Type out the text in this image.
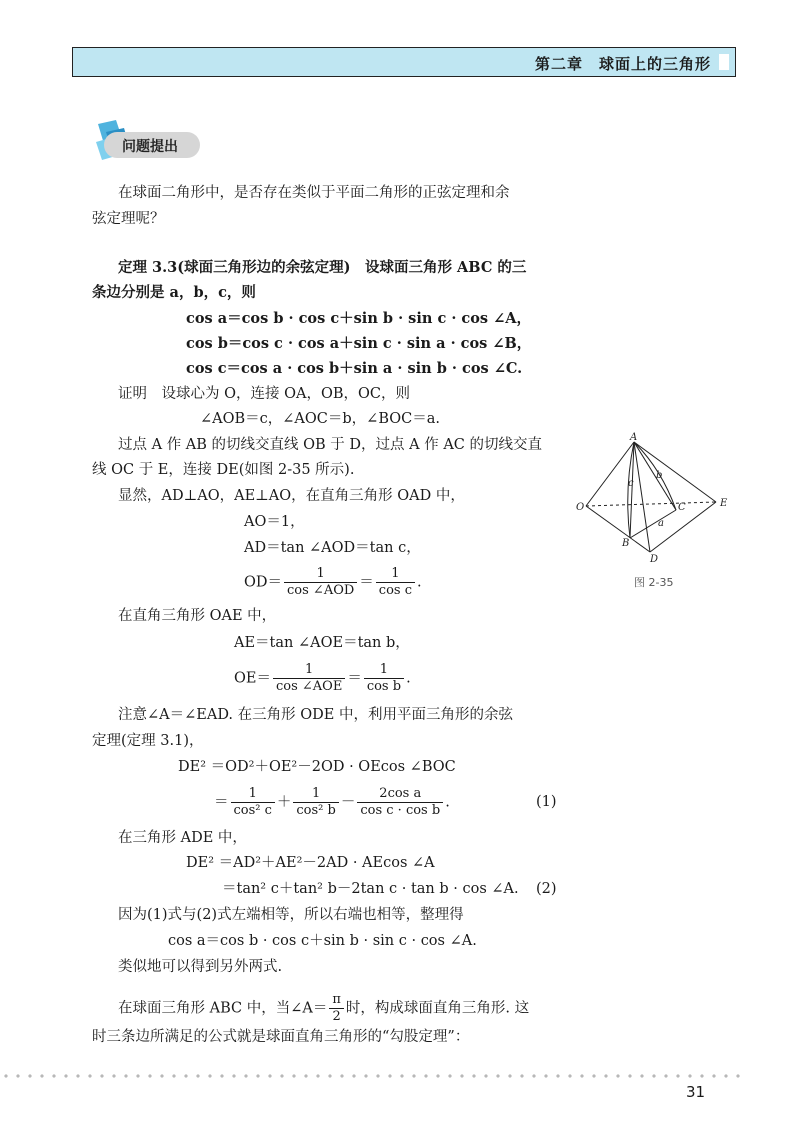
第二章　球面上的三角形
问题提出
在球面二角形中，是否存在类似于平面二角形的正弦定理和余
弦定理呢？
定理 3.3(球面三角形边的余弦定理)　设球面三角形 ABC 的三
条边分别是 a，b，c，则
cos a＝cos b · cos c＋sin b · sin c · cos ∠A，
cos b＝cos c · cos a＋sin c · sin a · cos ∠B，
cos c＝cos a · cos b＋sin a · sin b · cos ∠C.
证明　设球心为 O，连接 OA，OB，OC，则
∠AOB＝c，∠AOC＝b，∠BOC＝a.
过点 A 作 AB 的切线交直线 OB 于 D，过点 A 作 AC 的切线交直
线 OC 于 E，连接 DE(如图 2-35 所示).
显然，AD⊥AO，AE⊥AO，在直角三角形 OAD 中，
AO＝1，
AD＝tan ∠AOD＝tan c，
$OD= \frac{1}{\text{cos ∠AOD}} = \frac{1}{\text{cos c}}$ .
在直角三角形 OAE 中，
AE＝tan ∠AOE＝tan b，
$OE= \frac{1}{\text{cos ∠AOE}} = \frac{1}{\text{cos b}}$ .
注意∠A＝∠EAD. 在三角形 ODE 中，利用平面三角形的余弦
定理(定理 3.1)，
DE² ＝OD²＋OE²－2OD · OEcos ∠BOC
＝ $\frac{1}{\text{cos² c}} + \frac{1}{\text{cos² b}} - \frac{\text{2cos a}}{\text{cos c · cos b}}$ .	(1)
在三角形 ADE 中，
DE² ＝AD²＋AE²－2AD · AEcos ∠A
＝tan² c＋tan² b－2tan c · tan b · cos ∠A. (2)
因为(1)式与(2)式左端相等，所以右端也相等，整理得
cos a＝cos b · cos c＋sin b · sin c · cos ∠A.
类似地可以得到另外两式.
在球面三角形 ABC 中，当∠A＝ $\frac{\pi}{2}$ 时，构成球面直角三角形. 这
时三条边所满足的公式就是球面直角三角形的“勾股定理”：
A
O	E
C
B
D
c
b
a
图 2-35
31
